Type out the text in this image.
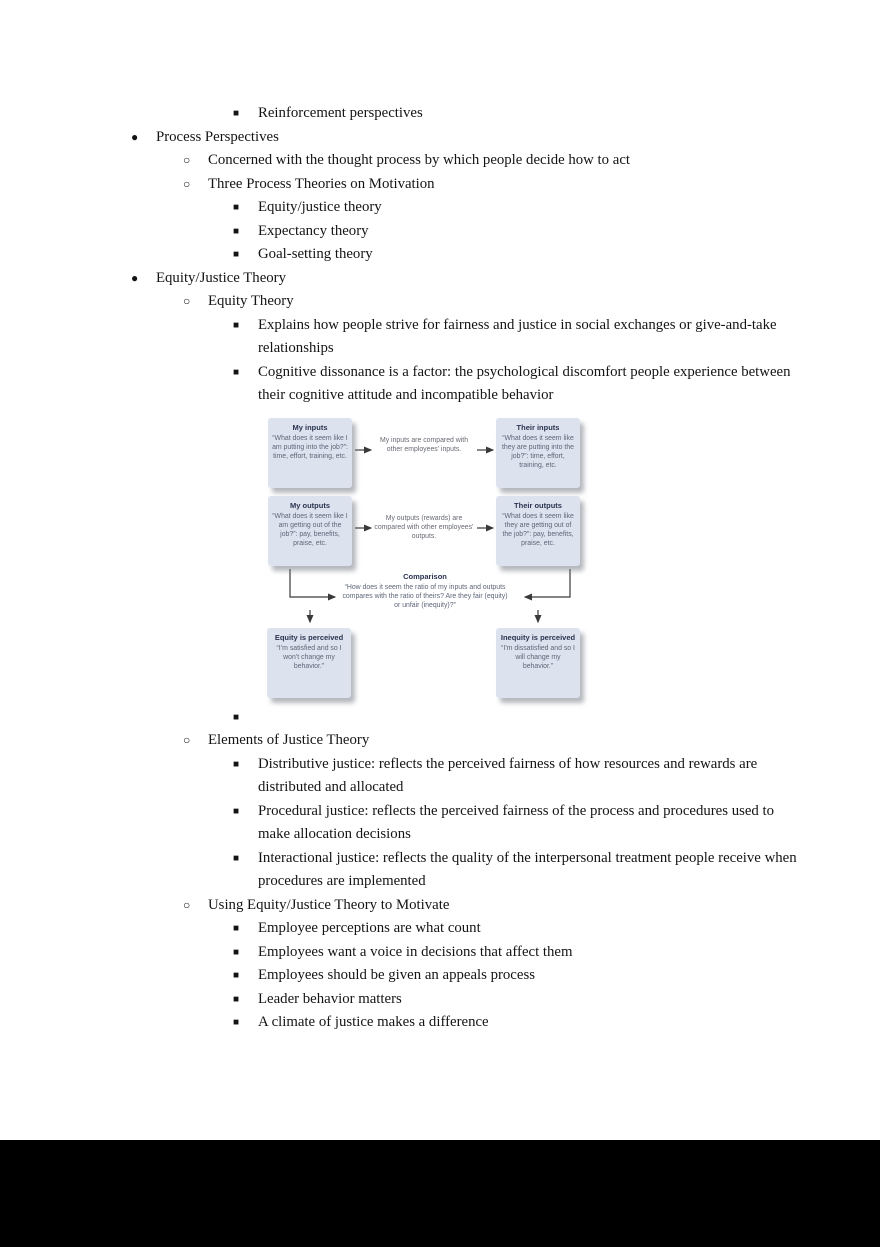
■	Reinforcement perspectives
●	Process Perspectives
○	Concerned with the thought process by which people decide how to act
○	Three Process Theories on Motivation
■	Equity/justice theory
■	Expectancy theory
■	Goal-setting theory
●	Equity/Justice Theory
○	Equity Theory
■	Explains how people strive for fairness and justice in social exchanges or give-and-take relationships
■	Cognitive dissonance is a factor: the psychological discomfort people experience between their cognitive attitude and incompatible behavior
My inputs
“What does it seem like I am putting into the job?”: time, effort, training, etc.
Their inputs
“What does it seem like they are putting into the job?”: time, effort, training, etc.
My inputs are compared with other employees’ inputs.
My outputs
“What does it seem like I am getting out of the job?”: pay, benefits, praise, etc.
Their outputs
“What does it seem like they are getting out of the job?”: pay, benefits, praise, etc.
My outputs (rewards) are compared with other employees’ outputs.
Comparison
“How does it seem the ratio of my inputs and outputs compares with the ratio of theirs? Are they fair (equity) or unfair (inequity)?”
Equity is perceived
“I’m satisfied and so I won’t change my behavior.”
Inequity is perceived
“I’m dissatisfied and so I will change my behavior.”
■
○	Elements of Justice Theory
■	Distributive justice: reflects the perceived fairness of how resources and rewards are distributed and allocated
■	Procedural justice: reflects the perceived fairness of the process and procedures used to make allocation decisions
■	Interactional justice: reflects the quality of the interpersonal treatment people receive when procedures are implemented
○	Using Equity/Justice Theory to Motivate
■	Employee perceptions are what count
■	Employees want a voice in decisions that affect them
■	Employees should be given an appeals process
■	Leader behavior matters
■	A climate of justice makes a difference
